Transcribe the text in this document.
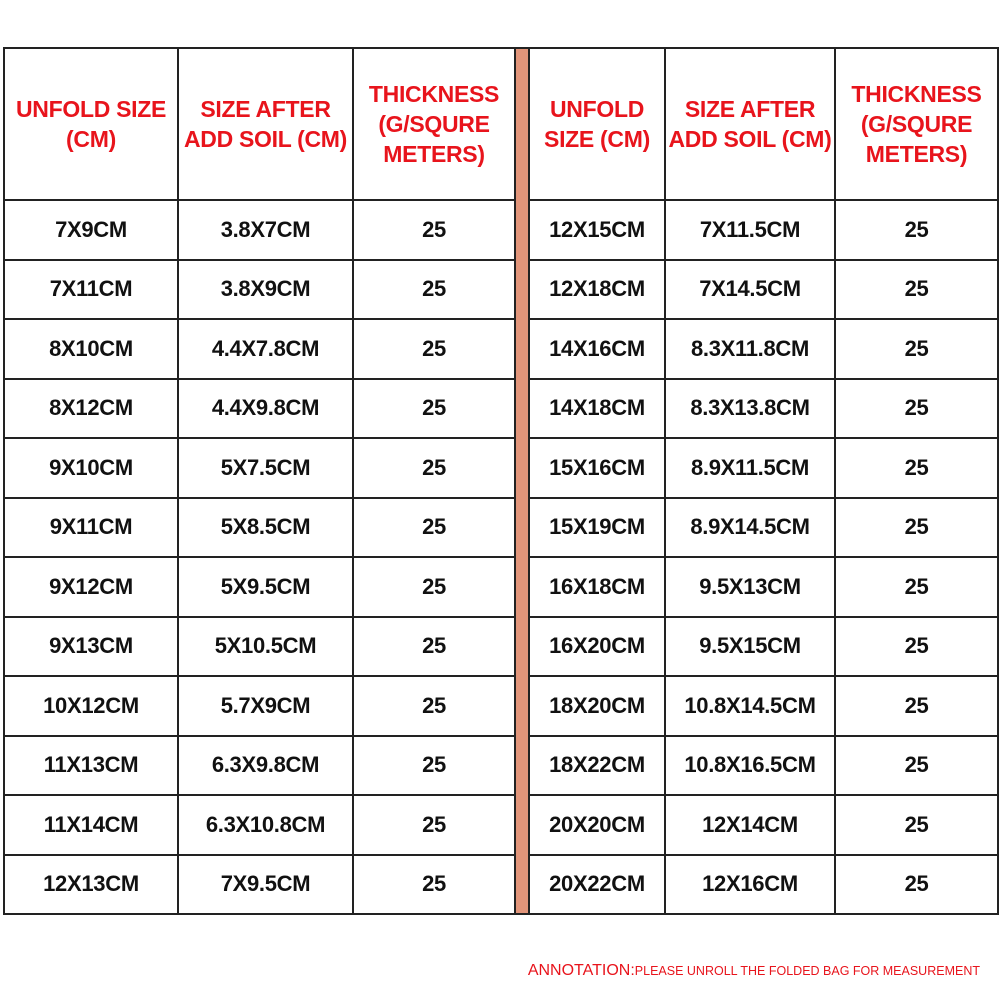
UNFOLD SIZE (CM)	SIZE AFTER ADD SOIL (CM)	THICKNESS (G/SQURE METERS)		UNFOLD SIZE (CM)	SIZE AFTER ADD SOIL (CM)	THICKNESS (G/SQURE METERS)
7X9CM	3.8X7CM	25		12X15CM	7X11.5CM	25
7X11CM	3.8X9CM	25		12X18CM	7X14.5CM	25
8X10CM	4.4X7.8CM	25		14X16CM	8.3X11.8CM	25
8X12CM	4.4X9.8CM	25		14X18CM	8.3X13.8CM	25
9X10CM	5X7.5CM	25		15X16CM	8.9X11.5CM	25
9X11CM	5X8.5CM	25		15X19CM	8.9X14.5CM	25
9X12CM	5X9.5CM	25		16X18CM	9.5X13CM	25
9X13CM	5X10.5CM	25		16X20CM	9.5X15CM	25
10X12CM	5.7X9CM	25		18X20CM	10.8X14.5CM	25
11X13CM	6.3X9.8CM	25		18X22CM	10.8X16.5CM	25
11X14CM	6.3X10.8CM	25		20X20CM	12X14CM	25
12X13CM	7X9.5CM	25		20X22CM	12X16CM	25
ANNOTATION:PLEASE UNROLL THE FOLDED BAG FOR MEASUREMENT
